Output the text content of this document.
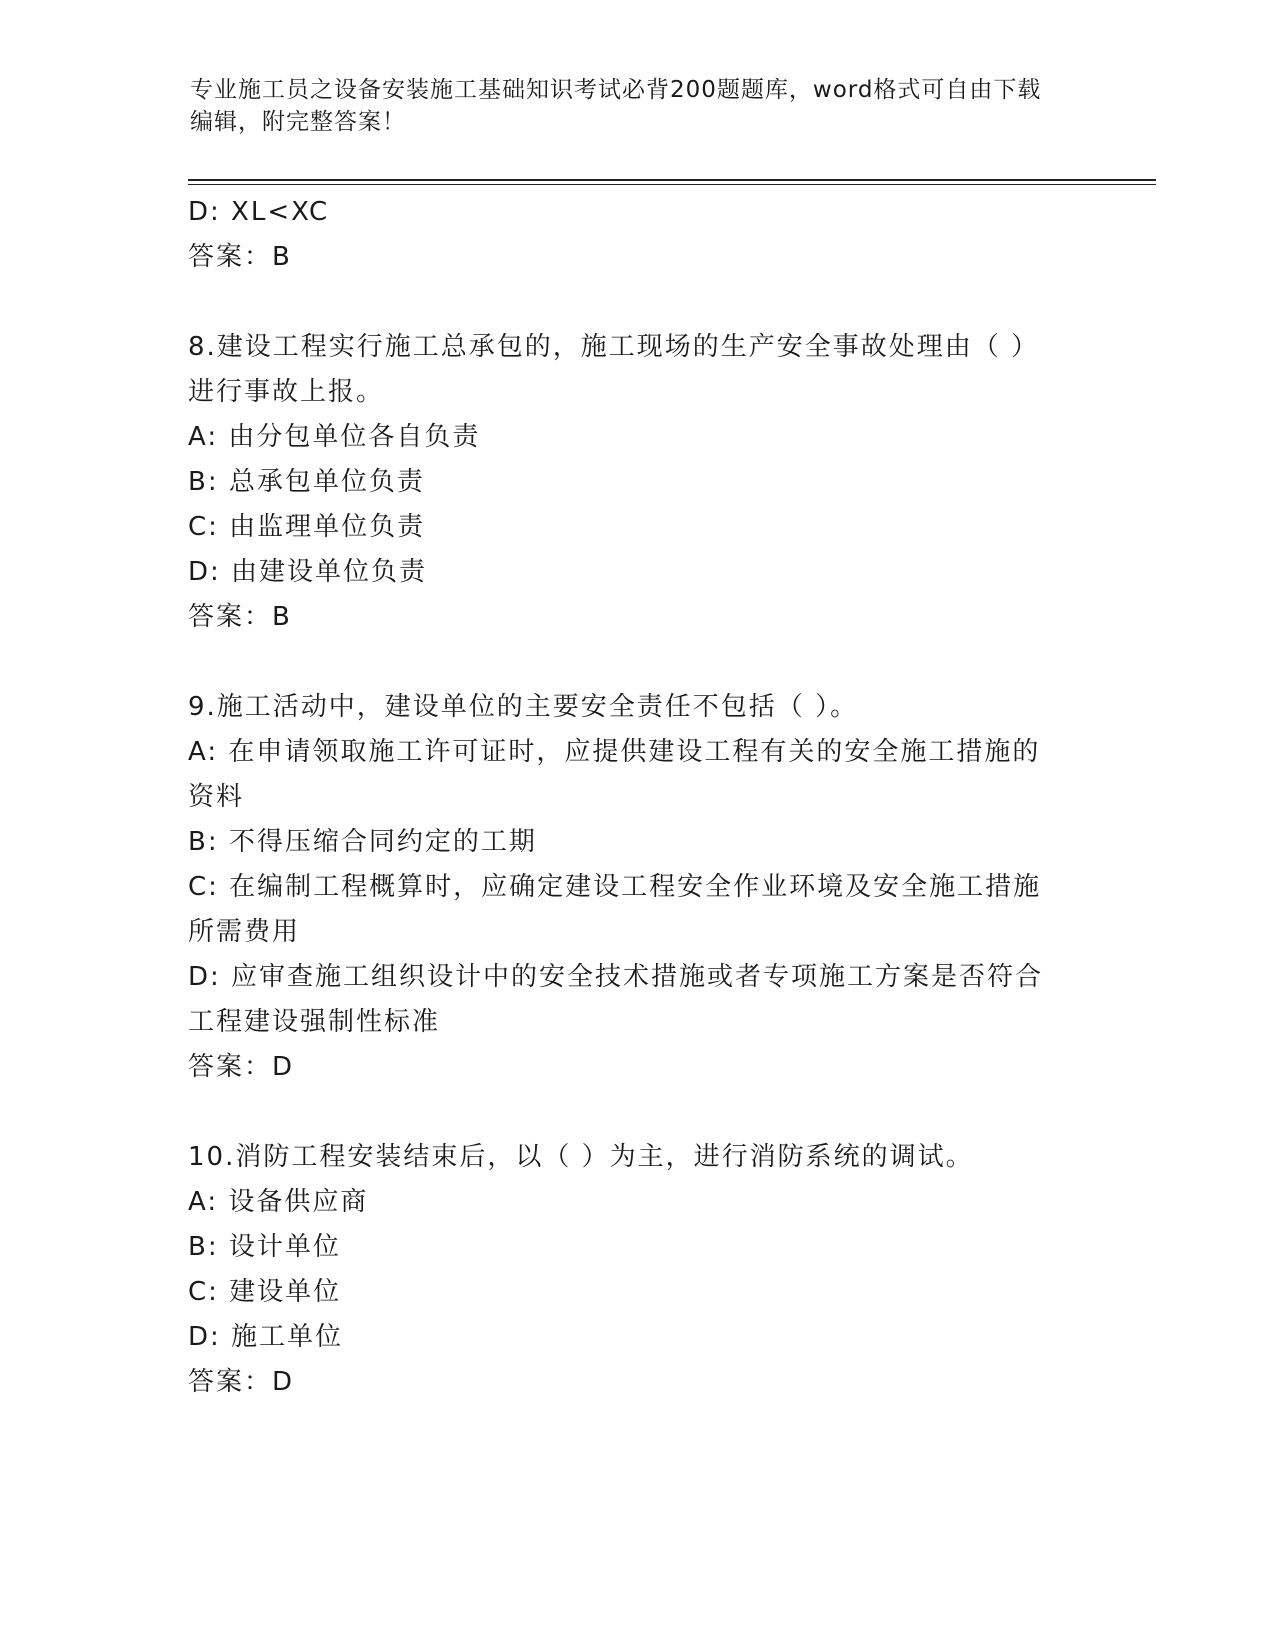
专业施工员之设备安装施工基础知识考试必背200题题库，word格式可自由下载
编辑，附完整答案！
D: XL<XC
答案：B
8.建设工程实行施工总承包的，施工现场的生产安全事故处理由（ ）
进行事故上报。
A: 由分包单位各自负责
B: 总承包单位负责
C: 由监理单位负责
D: 由建设单位负责
答案：B
9.施工活动中，建设单位的主要安全责任不包括（ ）。
A: 在申请领取施工许可证时，应提供建设工程有关的安全施工措施的
资料
B: 不得压缩合同约定的工期
C: 在编制工程概算时，应确定建设工程安全作业环境及安全施工措施
所需费用
D: 应审查施工组织设计中的安全技术措施或者专项施工方案是否符合
工程建设强制性标准
答案：D
10.消防工程安装结束后，以（ ）为主，进行消防系统的调试。
A: 设备供应商
B: 设计单位
C: 建设单位
D: 施工单位
答案：D
